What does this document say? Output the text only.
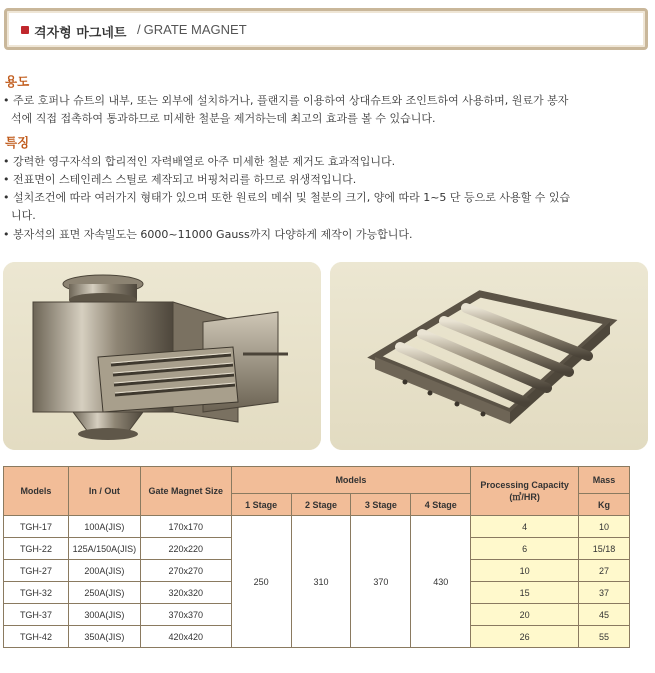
격자형 마그네트 / GRATE MAGNET
용도
• 주로 호퍼나 슈트의 내부, 또는 외부에 설치하거나, 플랜지를 이용하여 상대슈트와 조인트하여 사용하며, 원료가 봉자
석에 직접 접촉하여 통과하므로 미세한 철분을 제거하는데 최고의 효과를 볼 수 있습니다.
특징
• 강력한 영구자석의 합리적인 자력배열로 아주 미세한 철분 제거도 효과적입니다.
• 전표면이 스테인레스 스틸로 제작되고 버핑처리를 하므로 위생적입니다.
• 설치조건에 따라 여러가지 형태가 있으며 또한 원료의 메쉬 및 철분의 크기, 양에 따라 1~5 단 등으로 사용할 수 있습
니다.
• 봉자석의 표면 자속밀도는 6000~11000 Gauss까지 다양하게 제작이 가능합니다.
Models	In / Out	Gate Magnet Size	Models				Processing Capacity (㎥/HR)	Mass
			1 Stage	2 Stage	3 Stage	4 Stage		Kg
TGH-17	100A(JIS)	170x170	250	310	370	430	4	10
TGH-22	125A/150A(JIS)	220x220					6	15/18
TGH-27	200A(JIS)	270x270					10	27
TGH-32	250A(JIS)	320x320					15	37
TGH-37	300A(JIS)	370x370					20	45
TGH-42	350A(JIS)	420x420					26	55
